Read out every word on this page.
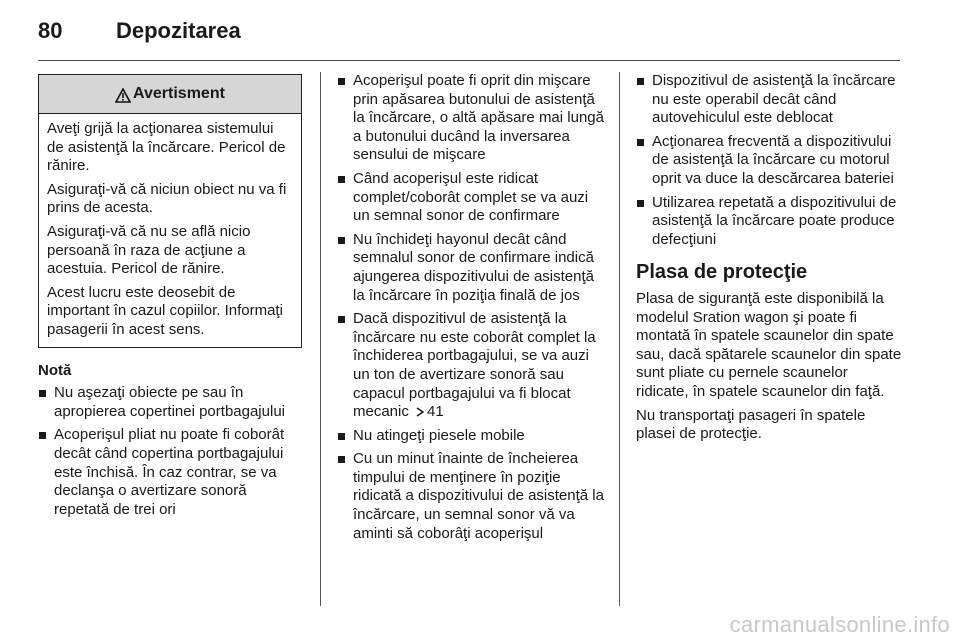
80	Depozitarea
Avertisment

Aveţi grijă la acţionarea sistemului de asistenţă la încărcare. Pericol de rănire.

Asiguraţi-vă că niciun obiect nu va fi prins de acesta.

Asiguraţi-vă că nu se află nicio persoană în raza de acţiune a acestuia. Pericol de rănire.

Acest lucru este deosebit de important în cazul copiilor. Informaţi pasagerii în acest sens.

Notă
Nu aşezaţi obiecte pe sau în apropierea copertinei portbagajului
Acoperişul pliat nu poate fi coborât decât când copertina portbagajului este închisă. În caz contrar, se va declanşa o avertizare sonoră repetată de trei ori
Acoperişul poate fi oprit din mişcare prin apăsarea butonului de asistenţă la încărcare, o altă apăsare mai lungă a butonului ducând la inversarea sensului de mişcare
Când acoperişul este ridicat complet/coborât complet se va auzi un semnal sonor de confirmare
Nu închideţi hayonul decât când semnalul sonor de confirmare indică ajungerea dispozitivului de asistenţă la încărcare în poziţia finală de jos
Dacă dispozitivul de asistenţă la încărcare nu este coborât complet la închiderea portbagajului, se va auzi un ton de avertizare sonoră sau capacul portbagajului va fi blocat mecanic 41
Nu atingeţi piesele mobile
Cu un minut înainte de încheierea timpului de menţinere în poziţie ridicată a dispozitivului de asistenţă la încărcare, un semnal sonor vă va aminti să coborâţi acoperişul
Dispozitivul de asistenţă la încărcare nu este operabil decât când autovehiculul este deblocat
Acţionarea frecventă a dispozitivului de asistenţă la încărcare cu motorul oprit va duce la descărcarea bateriei
Utilizarea repetată a dispozitivului de asistenţă la încărcare poate produce defecţiuni
Plasa de protecţie

Plasa de siguranţă este disponibilă la modelul Sration wagon şi poate fi montată în spatele scaunelor din spate sau, dacă spătarele scaunelor din spate sunt pliate cu pernele scaunelor ridicate, în spatele scaunelor din faţă.

Nu transportaţi pasageri în spatele plasei de protecţie.

carmanualsonline.info
